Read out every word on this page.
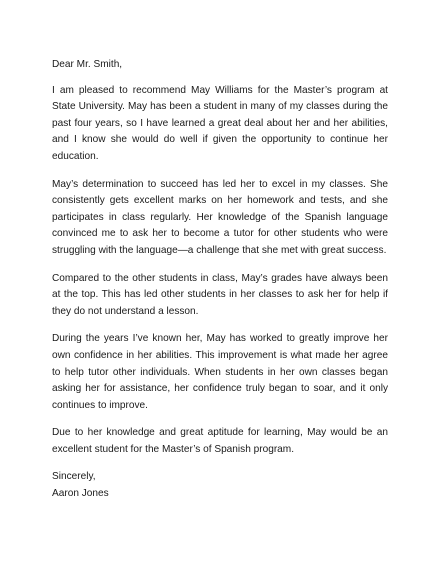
Dear Mr. Smith,

I am pleased to recommend May Williams for the Master’s program at State University. May has been a student in many of my classes during the past four years, so I have learned a great deal about her and her abilities, and I know she would do well if given the opportunity to continue her education.

May’s determination to succeed has led her to excel in my classes. She consistently gets excellent marks on her homework and tests, and she participates in class regularly. Her knowledge of the Spanish language convinced me to ask her to become a tutor for other students who were struggling with the language—a challenge that she met with great success.

Compared to the other students in class, May’s grades have always been at the top. This has led other students in her classes to ask her for help if they do not understand a lesson.

During the years I’ve known her, May has worked to greatly improve her own confidence in her abilities. This improvement is what made her agree to help tutor other individuals. When students in her own classes began asking her for assistance, her confidence truly began to soar, and it only continues to improve.

Due to her knowledge and great aptitude for learning, May would be an excellent student for the Master’s of Spanish program.

Sincerely,

Aaron Jones
